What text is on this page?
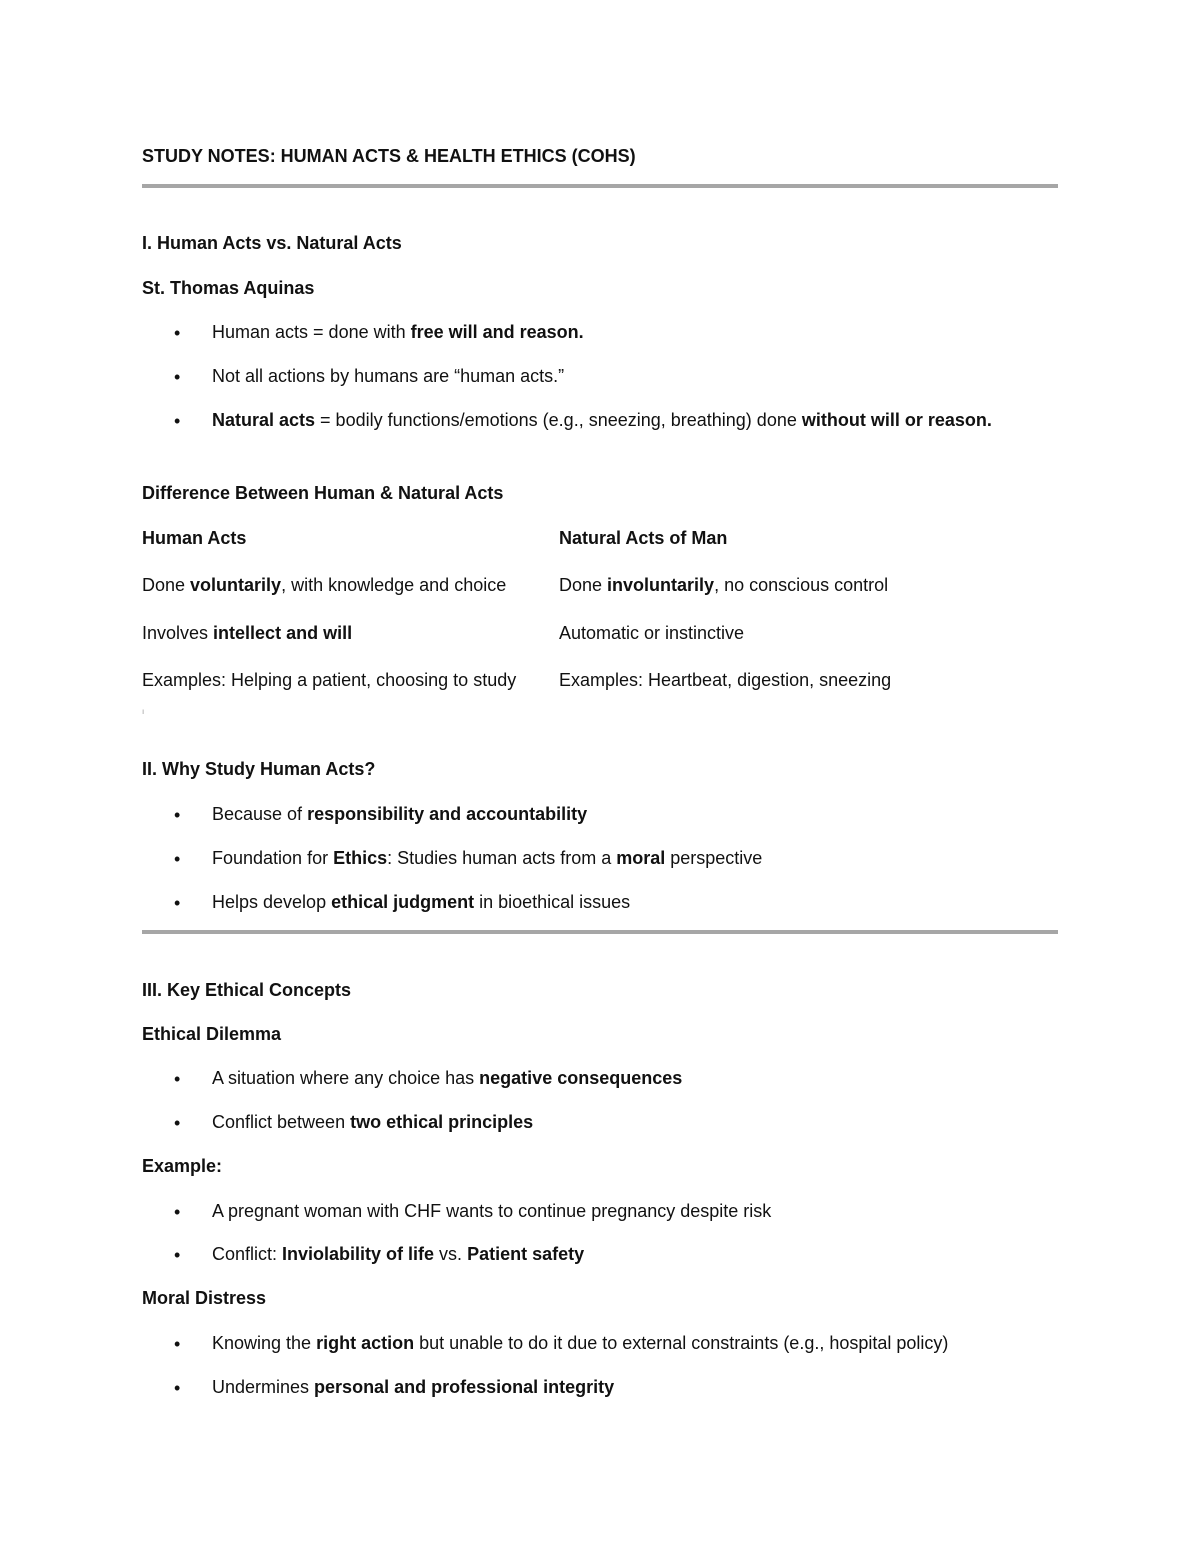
STUDY NOTES: HUMAN ACTS & HEALTH ETHICS (COHS)
I. Human Acts vs. Natural Acts
St. Thomas Aquinas
•	Human acts = done with free will and reason.
•	Not all actions by humans are “human acts.”
•	Natural acts = bodily functions/emotions (e.g., sneezing, breathing) done without will or reason.
Difference Between Human & Natural Acts
Human Acts	Natural Acts of Man
Done voluntarily, with knowledge and choice	Done involuntarily, no conscious control
Involves intellect and will	Automatic or instinctive
Examples: Helping a patient, choosing to study Examples: Heartbeat, digestion, sneezing
ı
II. Why Study Human Acts?
•	Because of responsibility and accountability
•	Foundation for Ethics: Studies human acts from a moral perspective
•	Helps develop ethical judgment in bioethical issues
III. Key Ethical Concepts
Ethical Dilemma
•	A situation where any choice has negative consequences
•	Conflict between two ethical principles
Example:
•	A pregnant woman with CHF wants to continue pregnancy despite risk
•	Conflict: Inviolability of life vs. Patient safety
Moral Distress
•	Knowing the right action but unable to do it due to external constraints (e.g., hospital policy)
•	Undermines personal and professional integrity
